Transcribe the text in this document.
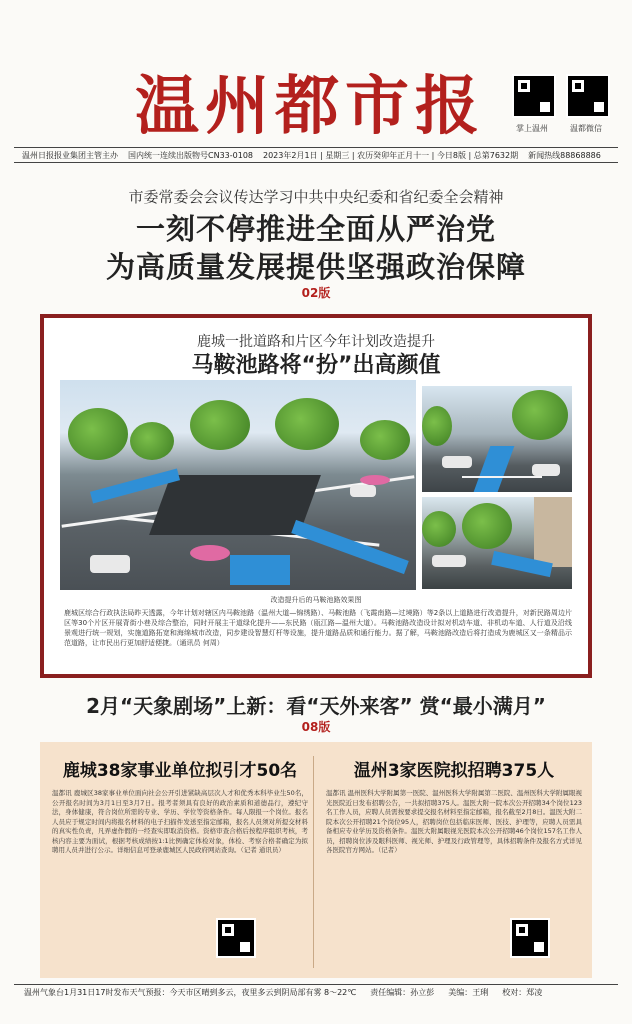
温州都市报	掌上温州	温都微信
温州日报报业集团主管主办 国内统一连续出版物号CN33-0108 2023年2月1日 | 星期三 | 农历癸卯年正月十一 | 今日8版 | 总第7632期 新闻热线88868886
市委常委会会议传达学习中共中央纪委和省纪委全会精神
一刻不停推进全面从严治党
为高质量发展提供坚强政治保障
02版
鹿城一批道路和片区今年计划改造提升
马鞍池路将“扮”出高颜值
改造提升后的马鞍池路效果图
鹿城区综合行政执法局昨天透露，今年计划对辖区内马鞍池路（温州大道—锦绣路）、马鞍池路（飞霞南路—过境路）等2条以上道路进行改造提升，对新民路周边片区等30个片区开展背街小巷及综合整治，同时开展主干道绿化提升——东民路（瓯江路—温州大道）。马鞍池路改造设计拟对机动车道、非机动车道、人行道及沿线景观进行统一规划，实施道路拓宽和海绵城市改造，同步建设智慧灯杆等设施，提升道路品质和通行能力。据了解，马鞍池路改造后将打造成为鹿城区又一条精品示范道路，让市民出行更加舒适便捷。（通讯员 何周）
2月“天象剧场”上新：看“天外来客” 赏“最小满月”
08版
鹿城38家事业单位拟引才50名
温都讯 鹿城区38家事业单位面向社会公开引进紧缺高层次人才和优秀本科毕业生50名，公开报名时间为3月1日至3月7日。报考者须具有良好的政治素质和道德品行，遵纪守法，身体健康，符合岗位所需的专业、学历、学位等资格条件。每人限报一个岗位。报名人员应于规定时间内将报名材料的电子扫描件发送至指定邮箱，报名人员须对所提交材料的真实性负责，凡弄虚作假的一经查实即取消资格。资格审查合格后按程序组织考核，考核内容主要为面试，根据考核成绩按1:1比例确定体检对象，体检、考察合格者确定为拟聘用人员并进行公示。详细信息可登录鹿城区人民政府网站查询。（记者 通讯员）
温州3家医院拟招聘375人
温都讯 温州医科大学附属第一医院、温州医科大学附属第二医院、温州医科大学附属眼视光医院近日发布招聘公告，一共拟招聘375人。温医大附一院本次公开招聘34个岗位123名工作人员，应聘人员需按要求提交报名材料至指定邮箱，报名截至2月8日。温医大附二院本次公开招聘21个岗位95人，招聘岗位包括临床医师、医技、护理等，应聘人员需具备相应专业学历及资格条件。温医大附属眼视光医院本次公开招聘46个岗位157名工作人员，招聘岗位涉及眼科医师、视光师、护理及行政管理等，具体招聘条件及报名方式详见各医院官方网站。（记者）
温州气象台1月31日17时发布天气预报：今天市区晴到多云，夜里多云到阴局部有雾 8～22℃ 责任编辑：孙立彭 美编：王琍 校对：郑凌
